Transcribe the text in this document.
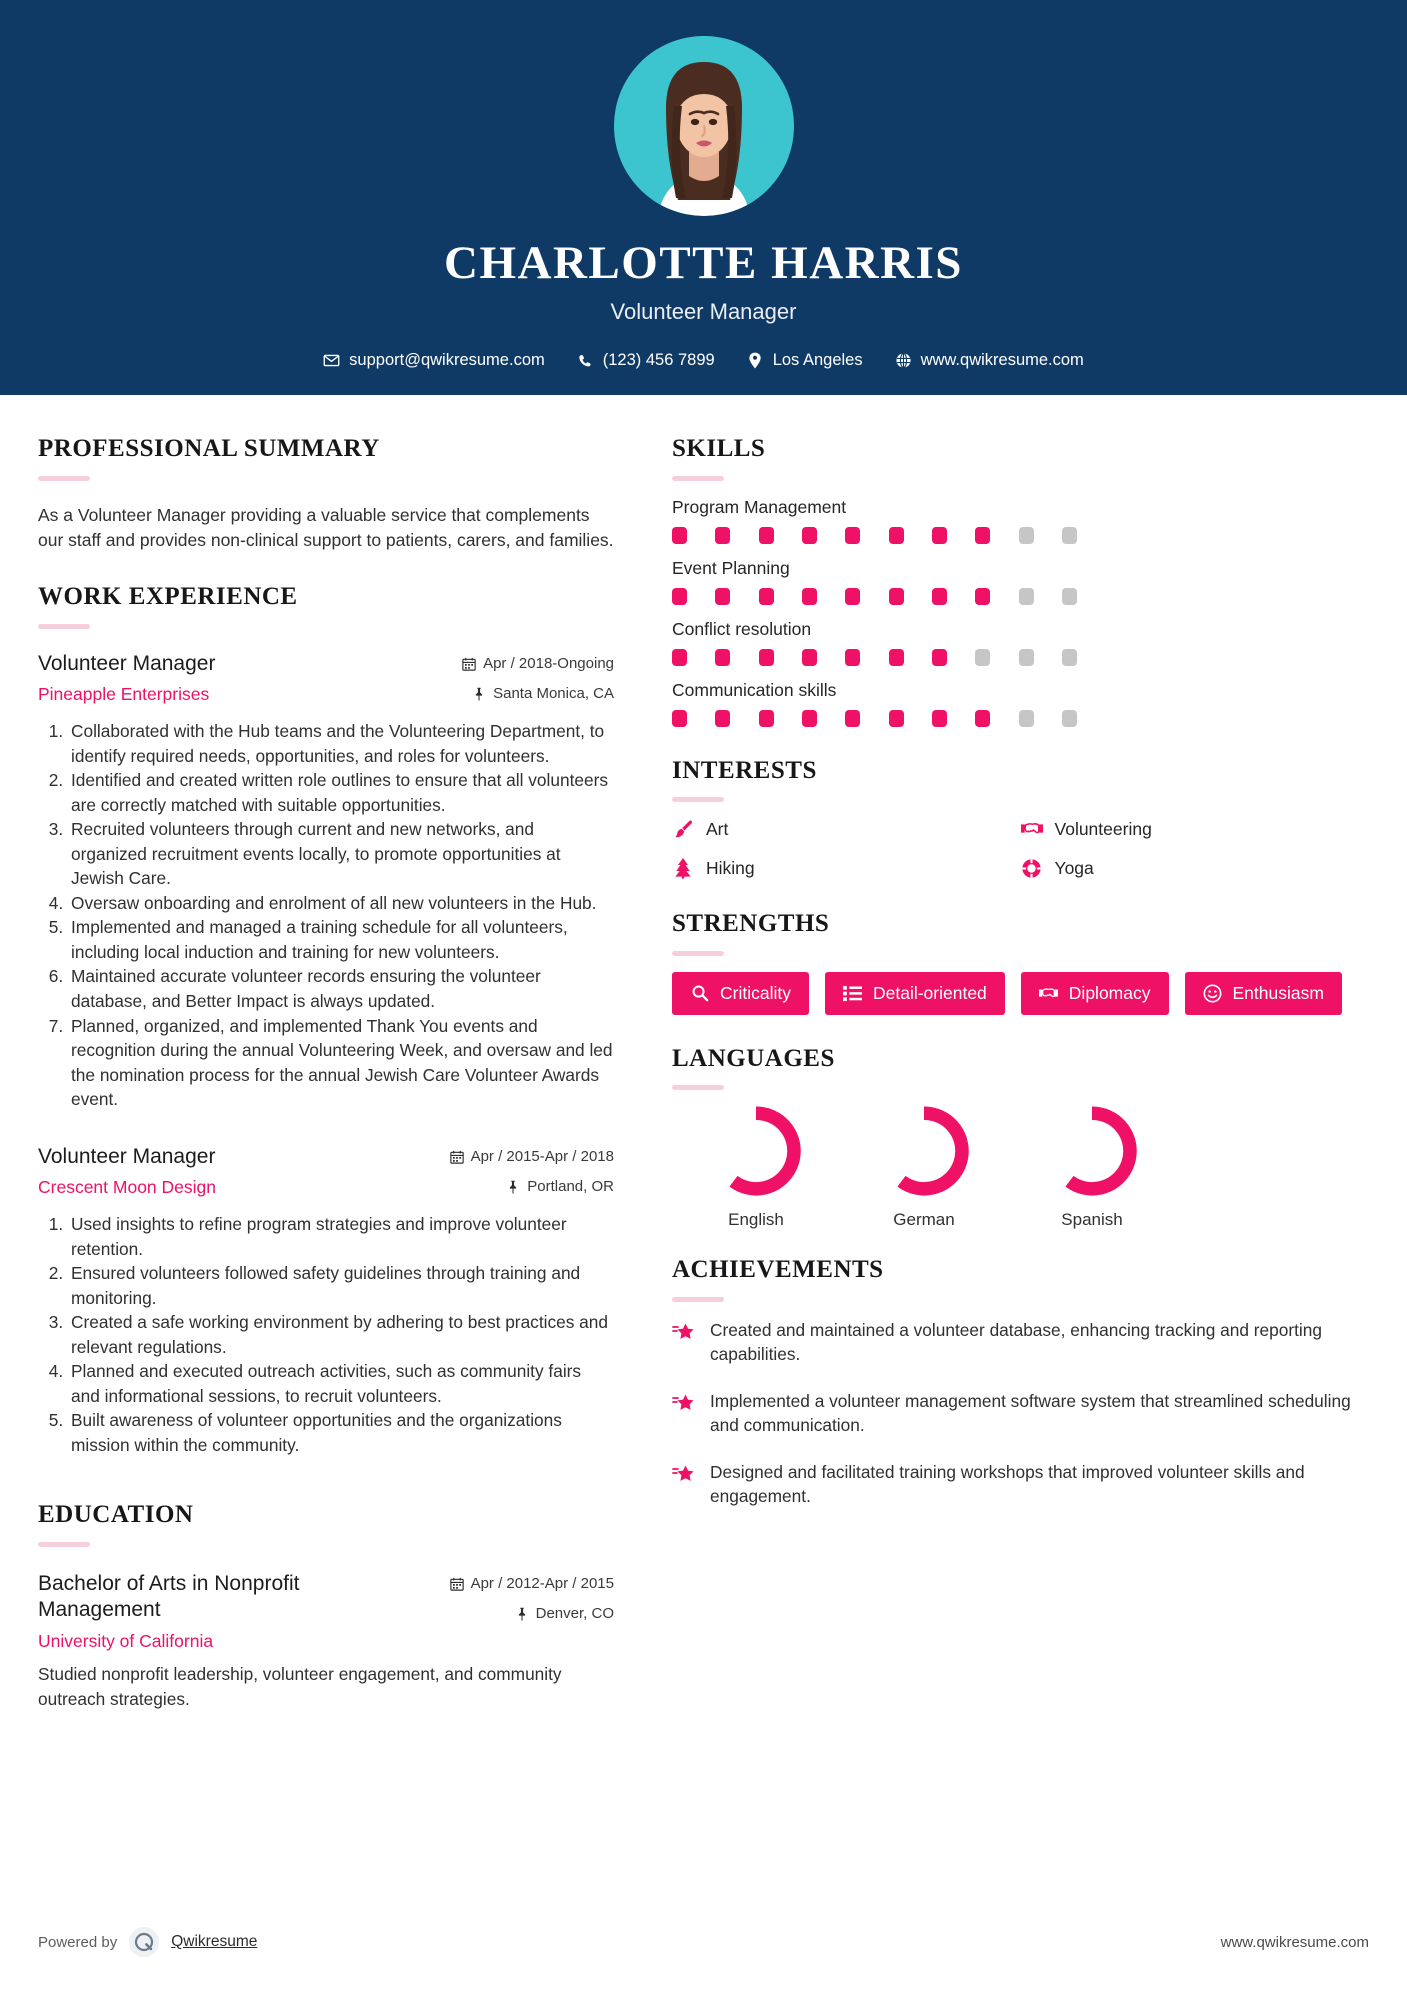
CHARLOTTE HARRIS
Volunteer Manager
support@qwikresume.com	(123) 456 7899	Los Angeles	www.qwikresume.com
PROFESSIONAL SUMMARY

As a Volunteer Manager providing a valuable service that complements our staff and provides non-clinical support to patients, carers, and families.

WORK EXPERIENCE
Volunteer Manager
Pineapple Enterprises
Apr / 2018-Ongoing
Santa Monica, CA
1. Collaborated with the Hub teams and the Volunteering Department, to identify required needs, opportunities, and roles for volunteers.
2. Identified and created written role outlines to ensure that all volunteers are correctly matched with suitable opportunities.
3. Recruited volunteers through current and new networks, and organized recruitment events locally, to promote opportunities at Jewish Care.
4. Oversaw onboarding and enrolment of all new volunteers in the Hub.
5. Implemented and managed a training schedule for all volunteers, including local induction and training for new volunteers.
6. Maintained accurate volunteer records ensuring the volunteer database, and Better Impact is always updated.
7. Planned, organized, and implemented Thank You events and recognition during the annual Volunteering Week, and oversaw and led the nomination process for the annual Jewish Care Volunteer Awards event.
Volunteer Manager
Crescent Moon Design
Apr / 2015-Apr / 2018
Portland, OR
1. Used insights to refine program strategies and improve volunteer retention.
2. Ensured volunteers followed safety guidelines through training and monitoring.
3. Created a safe working environment by adhering to best practices and relevant regulations.
4. Planned and executed outreach activities, such as community fairs and informational sessions, to recruit volunteers.
5. Built awareness of volunteer opportunities and the organizations mission within the community.
EDUCATION
Bachelor of Arts in Nonprofit Management
University of California
Apr / 2012-Apr / 2015
Denver, CO
Studied nonprofit leadership, volunteer engagement, and community outreach strategies.
SKILLS
Program Management
Event Planning
Conflict resolution
Communication skills
INTERESTS
Art	Volunteering
Hiking	Yoga
STRENGTHS
Criticality	Detail-oriented	Diplomacy	Enthusiasm
LANGUAGES
English	German	Spanish
ACHIEVEMENTS
Created and maintained a volunteer database, enhancing tracking and reporting capabilities.
Implemented a volunteer management software system that streamlined scheduling and communication.
Designed and facilitated training workshops that improved volunteer skills and engagement.
Powered by	Qwikresume	www.qwikresume.com
